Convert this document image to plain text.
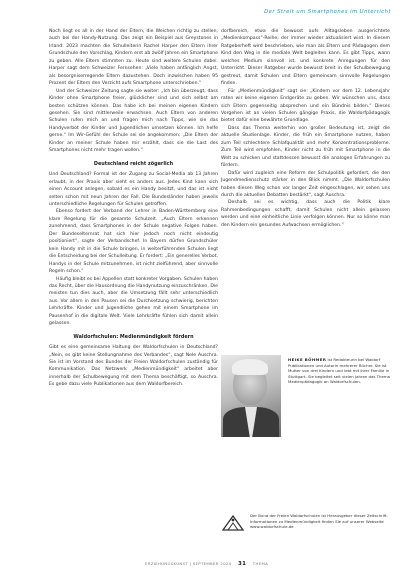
Der Streit um Smartphones im Unterricht

Noch liegt es all in der Hand der Eltern, die Weichen richtig zu stellen, auch bei der Handy-Nutzung. Das zeigt ein Beispiel aus Greystones in Irland: 2023 machten die Schulleiterin Rachel Harper den Eltern ihrer Grundschule den Vorschlag, Kindern erst ab zwölf Jahren ein Smartphone zu geben. Alle Eltern stimmten zu. Heute sind weitere Schulen dabei. Harper sagt dem Schweizer Fernsehen: „Viele haben anfänglich Angst, als besorgniserregende Eltern dazustehen. Doch inzwischen haben 95 Prozent der Eltern den Verzicht aufs Smartphone unterschrieben.“

Und der Schweizer Zeitung sagte sie weiter: „Ich bin überzeugt, dass Kinder ohne Smartphone freier, glücklicher sind und sich selbst am besten schützen können. Das habe ich bei meinen eigenen Kindern gesehen. Sie sind mittlerweile erwachsen. Auch Eltern von anderen Schulen rufen mich an und fragen mich nach Tipps, wie sie das Handyverbot der Kinder und Jugendlichen umsetzen können. Ich helfe gerne.“ Im Wir-Gefühl der Schule sei sie angekommen: „Die Eltern der Kinder an meiner Schule haben mir erzählt, dass sie die Last des Smartphones nicht mehr tragen wollen.“

Deutschland reicht zögerlich

Und Deutschland? Formal ist der Zugang zu Social-Media ab 13 Jahren erlaubt, in der Praxis aber sieht es anders aus. Jedes Kind kann sich einen Account anlegen, sobald es ein Handy besitzt, und das ist nicht selten schon mit neun Jahren der Fall. Die Bundesländer haben jeweils unterschiedliche Regelungen für Schulen getroffen.

Ebenso fordert der Verband der Lehrer in Baden-Württemberg eine klare Regelung für die gesamte Schulzeit. „Auch Eltern erkennen zunehmend, dass Smartphones in der Schule negative Folgen haben. Der Bundeselternrat hat sich hier jedoch noch nicht eindeutig positioniert“, sagte der Verbandschef. In Bayern dürfen Grundschüler kein Handy mit in die Schule bringen, in weiterführenden Schulen liegt die Entscheidung bei der Schulleitung. Er fordert: „Ein generelles Verbot, Handys in der Schule mitzunehmen, ist nicht zielführend, aber sinnvolle Regeln schon.“

Häufig bleibt es bei Appellen statt konkreter Vorgaben. Schulen haben das Recht, über die Hausordnung die Handynutzung einzuschränken. Die meisten tun dies auch, aber die Umsetzung fällt sehr unterschiedlich aus. Vor allem in den Pausen sei die Durchsetzung schwierig, berichten Lehrkräfte. Kinder und Jugendliche gehen mit einem Smartphone im Pausenhof in die digitale Welt. Viele Lehrkräfte fühlen sich damit allein gelassen.

Waldorfschulen: Medienmündigkeit fördern

Gibt es eine gemeinsame Haltung der Waldorfschulen in Deutschland? „Nein, es gibt keine Stellungnahme des Verbandes“, sagt Nele Auschra. Sie ist im Vorstand des Bundes der Freien Waldorfschulen zuständig für Kommunikation. Das Netzwerk „Medienmündigkeit“ arbeitet aber innerhalb der Schulbewegung mit dem Thema beschäftigt, so Auschra. Es gebe dazu viele Publikationen aus dem Waldorfbereich.

dorfbereich, etwa die bewusst aufs Alltagsleben ausgerichtete „Medienkompass“-Reihe, der immer wieder aktualisiert wird. In diesem Ratgeberheft wird beschrieben, wie man als Eltern und Pädagogen dem Kind den Weg in die mediale Welt begleiten kann. Es gibt Tipps, wann welches Medium sinnvoll ist, und konkrete Anregungen für den Unterricht. Dieser Ratgeber wurde bewusst breit in der Schulbewegung gestreut, damit Schulen und Eltern gemeinsam sinnvolle Regelungen finden.

Für „Medienmündigkeit“ sagt sie: „Kindern vor dem 12. Lebensjahr raten wir keine eigenen Endgeräte zu geben. Wir wünschen uns, dass sich Eltern gegenseitig absprechen und ein Bündnis bilden.“ Dieses Vorgehen ist an vielen Schulen gängige Praxis, die Waldorfpädagogik bietet dafür eine bewährte Grundlage.

Dass das Thema weiterhin von großer Bedeutung ist, zeigt die aktuelle Studienlage. Kinder, die früh ein Smartphone nutzen, haben zum Teil schlechtere Schlafqualität und mehr Konzentrationsprobleme. Zum Teil wird empfohlen, Kinder nicht zu früh mit Smartphone in die Welt zu schicken und stattdessen bewusst die analogen Erfahrungen zu fördern.

Dafür wird zugleich eine Reform der Schulpolitik gefordert, die den Jugendmedienschutz stärker in den Blick nimmt. „Die Waldorfschulen haben diesen Weg schon vor langer Zeit eingeschlagen, wir sehen uns durch die aktuellen Debatten bestärkt“, sagt Auschra.

Deshalb sei es wichtig, dass auch die Politik klare Rahmenbedingungen schafft, damit Schulen nicht allein gelassen werden und eine einheitliche Linie verfolgen können. Nur so könne man den Kindern ein gesundes Aufwachsen ermöglichen.“

HEIKE BÖHMER ist Redakteurin bei Waldorf Publikationen und Autorin mehrerer Bücher. Sie ist Mutter von drei Kindern und lebt mit ihrer Familie in Stuttgart. Sie begleitet seit vielen Jahren das Thema Medienpädagogik an Waldorfschulen.
Der Bund der Freien Waldorfschulen ist Herausgeber dieser Zeitschrift. Informationen zu Medienmündigkeit finden Sie auf unserer Webseite www.waldorfschule.de
ERZIEHUNGSKUNST | SEPTEMBER 2024 31 THEMA
